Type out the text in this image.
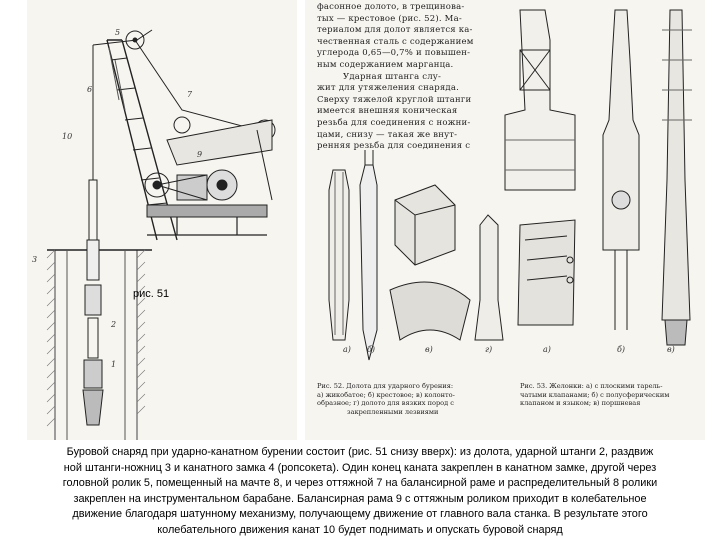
рис. 51
5
6
7
10
9
3
2
1
фасонное долото, в трещинова-
тых — крестовое (рис. 52). Ма-
териалом для долот является ка-
чественная сталь с содержанием
углерода 0,65—0,7% и повышен-
ным содержанием марганца.
Ударная штанга слу-
жит для утяжеления снаряда.
Сверху тяжелой круглой штанги
имеется внешняя коническая
резьба для соединения с ножни-
цами, снизу — такая же внут-
ренняя резьба для соединения с
а) б)	в)	г)	а)	б)	в)
Рис. 52. Долота для ударного бурения:
а) жикобатое; б) крестовое; в) колонто-
образное; г) долото для вязких пород с
закрепленными лезвиями
Рис. 53. Желонки: а) с плоскими тарель-
чатыми клапанами; б) с полусферическим
клапаном и языком; в) поршневая
Буровой снаряд при ударно-канатном бурении состоит (рис. 51 снизу вверх): из долота, ударной штанги 2, раздвиж
ной штанги-ножниц 3 и канатного замка 4 (ропсокета). Один конец каната закреплен в канатном замке, другой через
головной ролик 5, помещенный на мачте 8, и через оттяжной 7 на балансирной раме и распределительный 8 ролики
закреплен на инструментальном барабане. Балансирная рама 9 с оттяжным роликом приходит в колебательное
движение благодаря шатунному механизму, получающему движение от главного вала станка. В результате этого
колебательного движения канат 10 будет поднимать и опускать буровой снаряд
